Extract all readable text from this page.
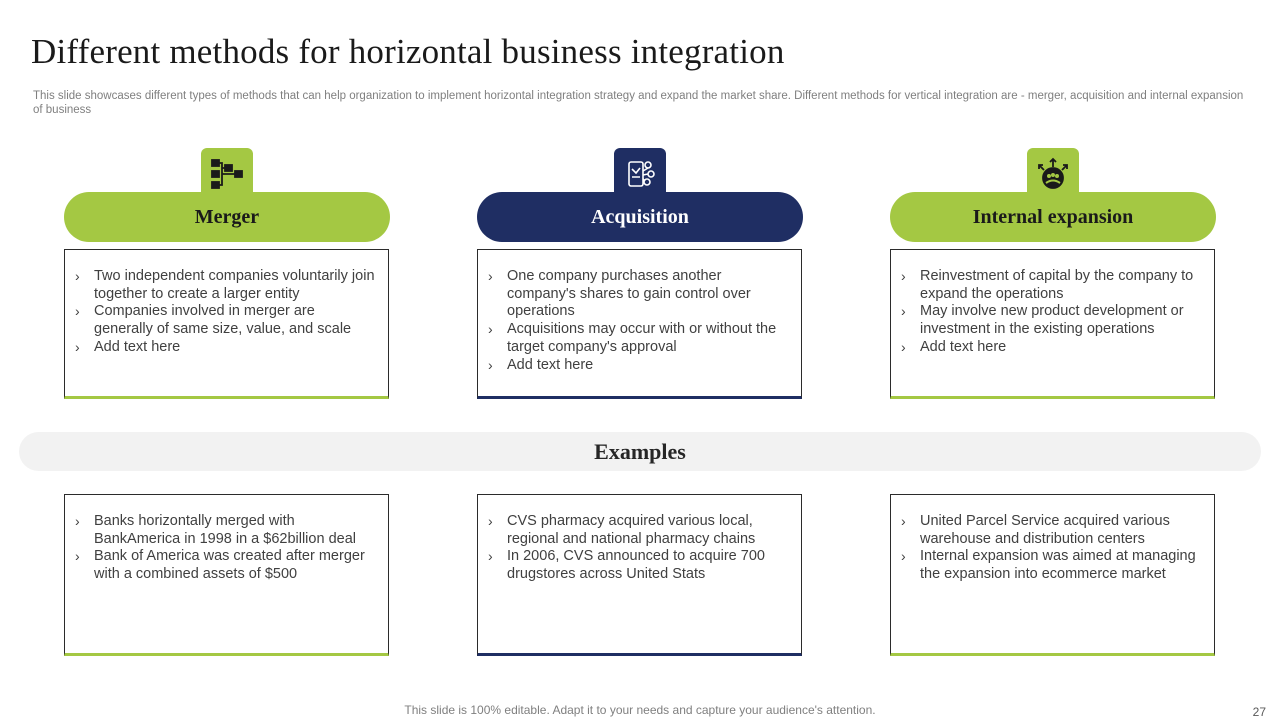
Different methods for horizontal business integration
This slide showcases different types of methods that can help organization to implement horizontal integration strategy and expand the market share. Different methods for vertical integration are - merger, acquisition and internal expansion of business
Merger
› Two independent companies voluntarily join together to create a larger entity
› Companies involved in merger are generally of same size, value, and scale
› Add text here
Acquisition
› One company purchases another company's shares to gain control over operations
› Acquisitions may occur with or without the target company's approval
› Add text here
Internal expansion
› Reinvestment of capital by the company to expand the operations
› May involve new product development or investment in the existing operations
› Add text here
Examples
› Banks horizontally merged with BankAmerica in 1998 in a $62billion deal
› Bank of America was created after merger with a combined assets of $500
› CVS pharmacy acquired various local, regional and national pharmacy chains
› In 2006, CVS announced to acquire 700 drugstores across United Stats
› United Parcel Service acquired various warehouse and distribution centers
› Internal expansion was aimed at managing the expansion into ecommerce market
This slide is 100% editable. Adapt it to your needs and capture your audience's attention.	27
